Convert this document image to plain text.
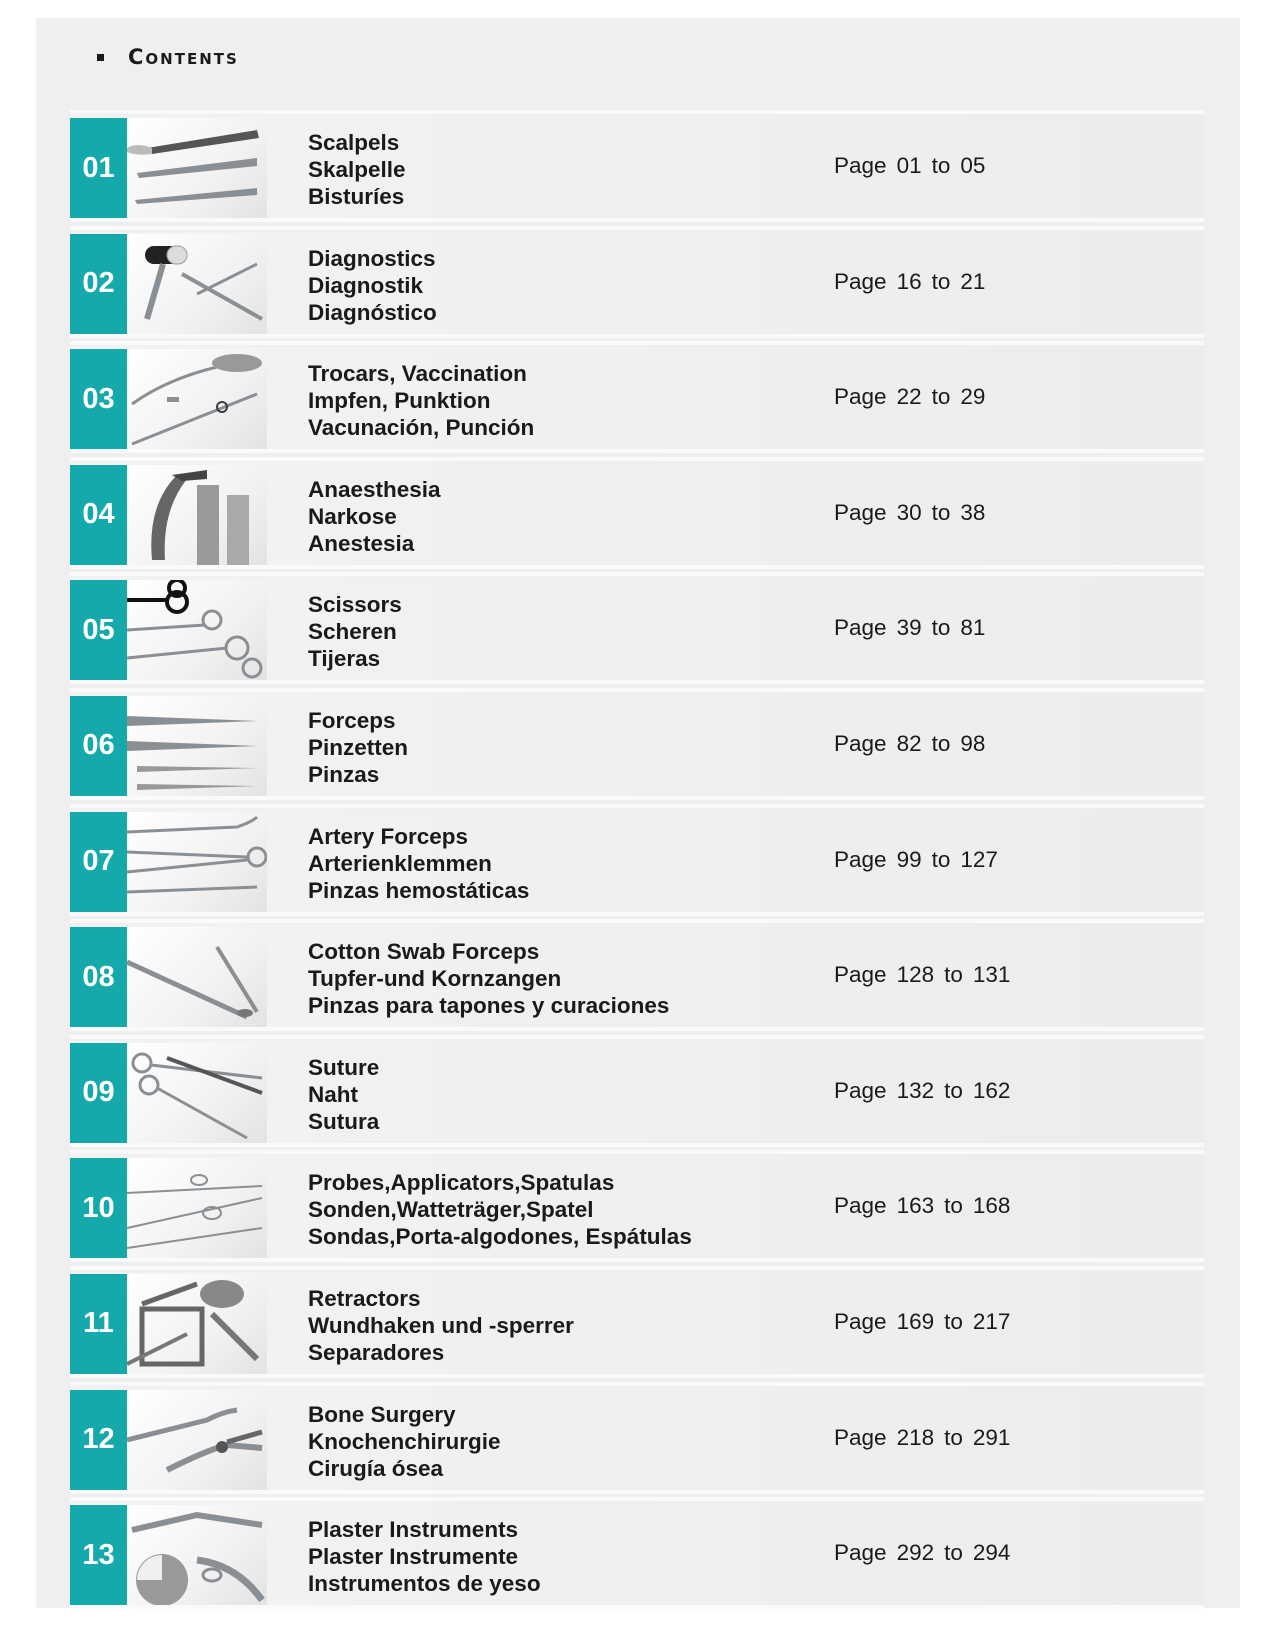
Contents
01
Scalpels
Skalpelle
Bisturíes
Page 01 to 05
02
Diagnostics
Diagnostik
Diagnóstico
Page 16 to 21
03
Trocars, Vaccination
Impfen, Punktion
Vacunación, Punción
Page 22 to 29
04
Anaesthesia
Narkose
Anestesia
Page 30 to 38
05
Scissors
Scheren
Tijeras
Page 39 to 81
06
Forceps
Pinzetten
Pinzas
Page 82 to 98
07
Artery Forceps
Arterienklemmen
Pinzas hemostáticas
Page 99 to 127
08
Cotton Swab Forceps
Tupfer-und Kornzangen
Pinzas para tapones y curaciones
Page 128 to 131
09
Suture
Naht
Sutura
Page 132 to 162
10
Probes,Applicators,Spatulas
Sonden,Watteträger,Spatel
Sondas,Porta-algodones, Espátulas
Page 163 to 168
11
Retractors
Wundhaken und -sperrer
Separadores
Page 169 to 217
12
Bone Surgery
Knochenchirurgie
Cirugía ósea
Page 218 to 291
13
Plaster Instruments
Plaster Instrumente
Instrumentos de yeso
Page 292 to 294
